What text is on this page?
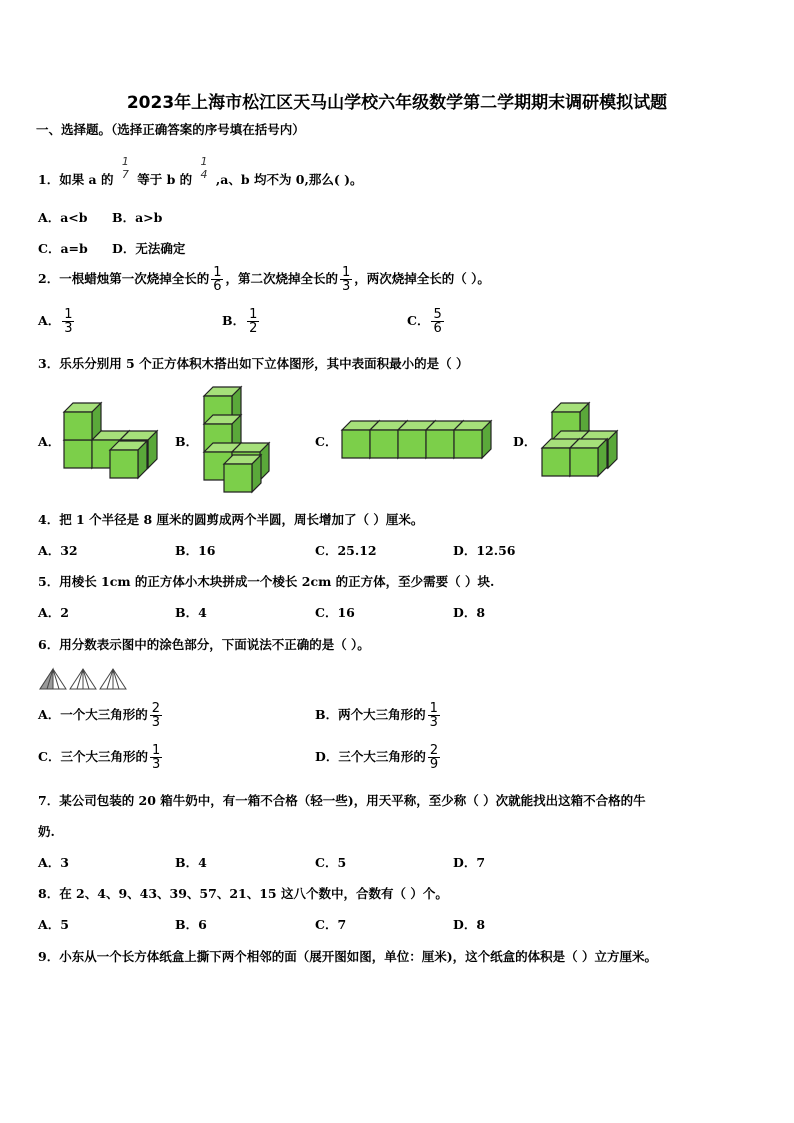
2023年上海市松江区天马山学校六年级数学第二学期期末调研模拟试题
一、选择题。（选择正确答案的序号填在括号内）
1．如果 a 的
1
7 等于 b 的
1
4 ,a、b 均不为 0,那么( )。
A．a<b B．a>b
C．a=b D．无法确定
2．一根蜡烛第一次烧掉全长的 $\frac{1}{6}$ ，第二次烧掉全长的 $\frac{1}{3}$ ，两次烧掉全长的（ ）。
A． $\frac{1}{3}$	B． $\frac{1}{2}$	C． $\frac{5}{6}$
3．乐乐分别用 5 个正方体积木搭出如下立体图形，其中表面积最小的是（ ）
A．	B．	C．	D．
4．把 1 个半径是 8 厘米的圆剪成两个半圆，周长增加了（ ）厘米。
A．32	B．16	C．25.12	D．12.56
5．用棱长 1cm 的正方体小木块拼成一个棱长 2cm 的正方体，至少需要（ ）块.
A．2	B．4	C．16	D．8
6．用分数表示图中的涂色部分，下面说法不正确的是（ ）。
A．一个大三角形的 $\frac{2}{3}$	B．两个大三角形的 $\frac{1}{3}$
C．三个大三角形的 $\frac{1}{3}$	D．三个大三角形的 $\frac{2}{9}$
7．某公司包装的 20 箱牛奶中，有一箱不合格（轻一些)，用天平称，至少称（ ）次就能找出这箱不合格的牛
奶.
A．3	B．4	C．5	D．7
8．在 2、4、9、43、39、57、21、15 这八个数中，合数有（ ）个。
A．5	B．6	C．7	D．8
9．小东从一个长方体纸盒上撕下两个相邻的面（展开图如图，单位：厘米)，这个纸盒的体积是（ ）立方厘米。
